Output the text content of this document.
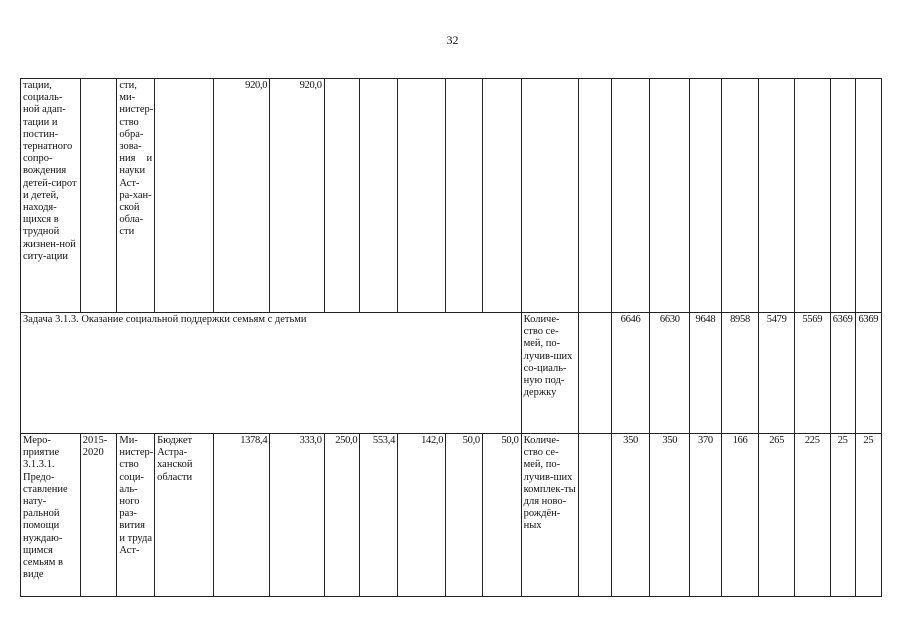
32
тации, социаль-ной адап-тации и постин-тернатного сопро-вождения детей-сирот и детей, находя-щихся в трудной жизнен-ной ситу-ации		сти, ми-нистер-ство обра-зова-ния и науки Аст-ра-хан-ской обла-сти		920,0	920,0															
Задача 3.1.3. Оказание социальной поддержки семьям с детьми											Количе-ство се-мей, по-лучив-ших со-циаль-ную под-держку		6646	6630	9648	8958	5479	5569	6369	6369
Меро-приятие 3.1.3.1. Предо-ставление нату-ральной помощи нуждаю-щимся семьям в виде	2015-2020	Ми-нистер-ство соци-аль-ного раз-вития и труда Аст-	Бюджет Астра-ханской области	1378,4	333,0	250,0	553,4	142,0	50,0	50,0	Количе-ство се-мей, по-лучив-ших комплек-ты для ново-рождён-ных		350	350	370	166	265	225	25	25
